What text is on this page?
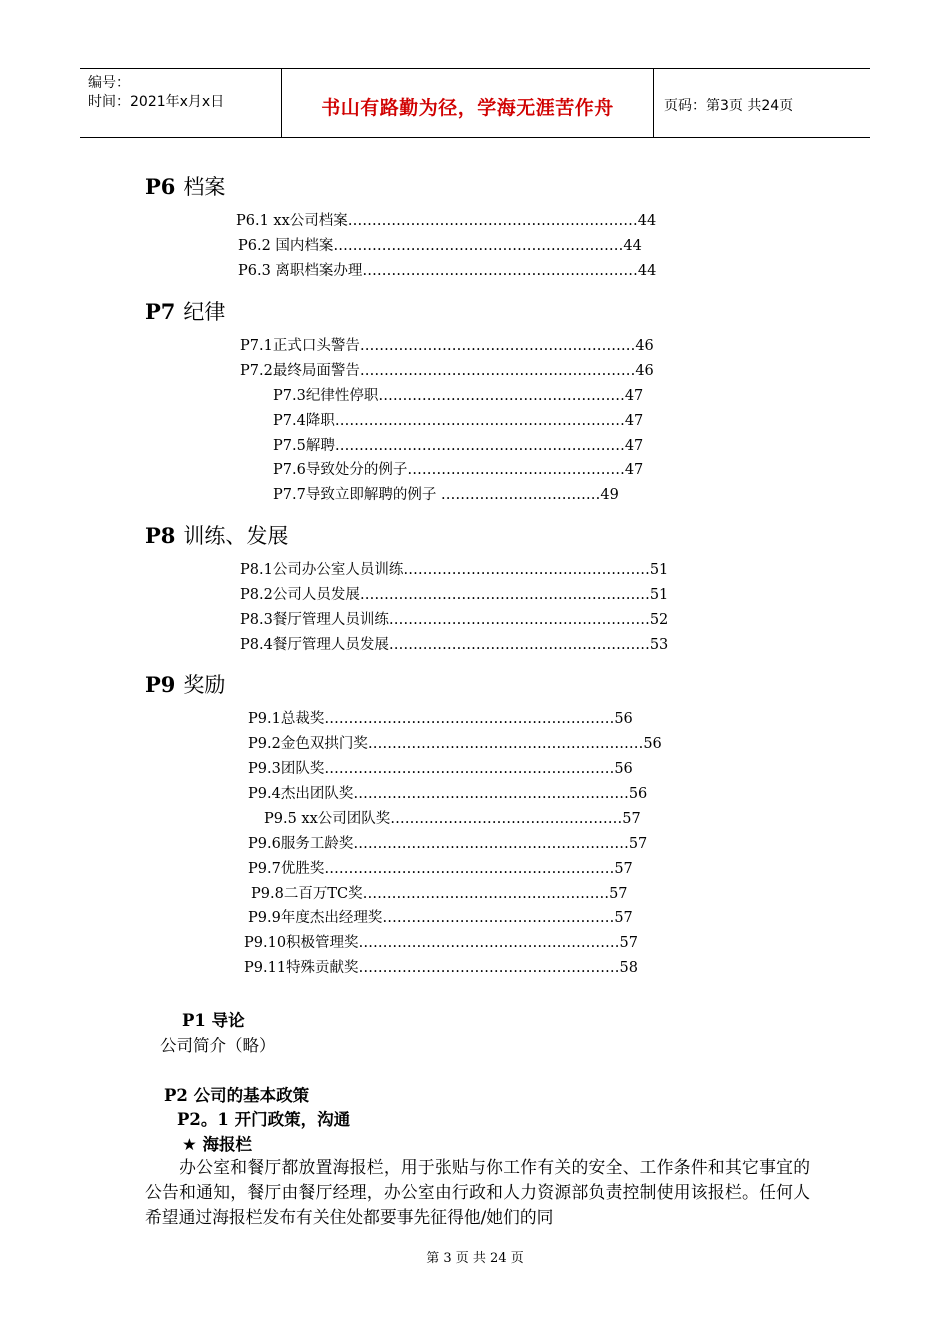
编号：
时间：2021年x月x日	书山有路勤为径，学海无涯苦作舟	页码：第3页 共24页
P6 档案
P7 纪律
P8 训练、发展
P9 奖励
P6.1 xx公司档案……………………………………………………44
P6.2 国内档案……………………………………………………44
P6.3 离职档案办理…………………………………………………44
P7.1正式口头警告…………………………………………………46
P7.2最终局面警告…………………………………………………46
P7.3纪律性停职……………………………………………47
P7.4降职……………………………………………………47
P7.5解聘……………………………………………………47
P7.6导致处分的例子………………………………………47
P7.7导致立即解聘的例子 ……………………………49
P8.1公司办公室人员训练……………………………………………51
P8.2公司人员发展……………………………………………………51
P8.3餐厅管理人员训练………………………………………………52
P8.4餐厅管理人员发展………………………………………………53
P9.1总裁奖……………………………………………………56
P9.2金色双拱门奖…………………………………………………56
P9.3团队奖……………………………………………………56
P9.4杰出团队奖…………………………………………………56
P9.5 xx公司团队奖…………………………………………57
P9.6服务工龄奖…………………………………………………57
P9.7优胜奖……………………………………………………57
P9.8二百万TC奖……………………………………………57
P9.9年度杰出经理奖…………………………………………57
P9.10积极管理奖………………………………………………57
P9.11特殊贡献奖………………………………………………58
P1 导论
公司简介（略）
P2 公司的基本政策
P2。1 开门政策，沟通
★ 海报栏
　　办公室和餐厅都放置海报栏，用于张贴与你工作有关的安全、工作条件和其它事宜的公告和通知，餐厅由餐厅经理，办公室由行政和人力资源部负责控制使用该报栏。任何人希望通过海报栏发布有关住处都要事先征得他/她们的同
第 3 页 共 24 页
